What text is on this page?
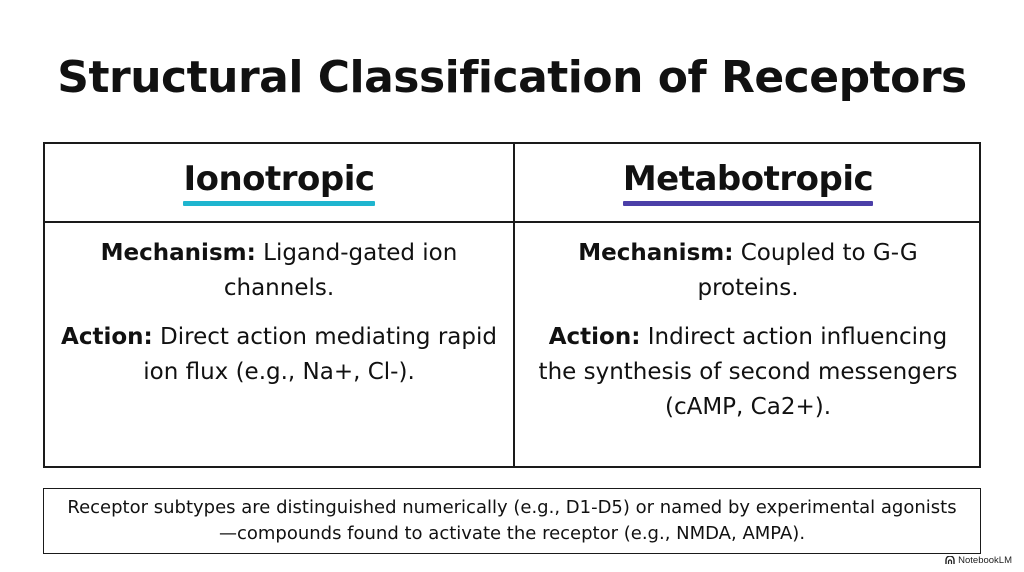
Structural Classification of Receptors
Ionotropic

Mechanism: Ligand-gated ion channels.

Action: Direct action mediating rapid ion flux (e.g., Na+, Cl-).

Metabotropic

Mechanism: Coupled to G-G proteins.

Action: Indirect action influencing the synthesis of second messengers (cAMP, Ca2+).

Receptor subtypes are distinguished numerically (e.g., D1-D5) or named by experimental agonists—compounds found to activate the receptor (e.g., NMDA, AMPA).
NotebookLM
